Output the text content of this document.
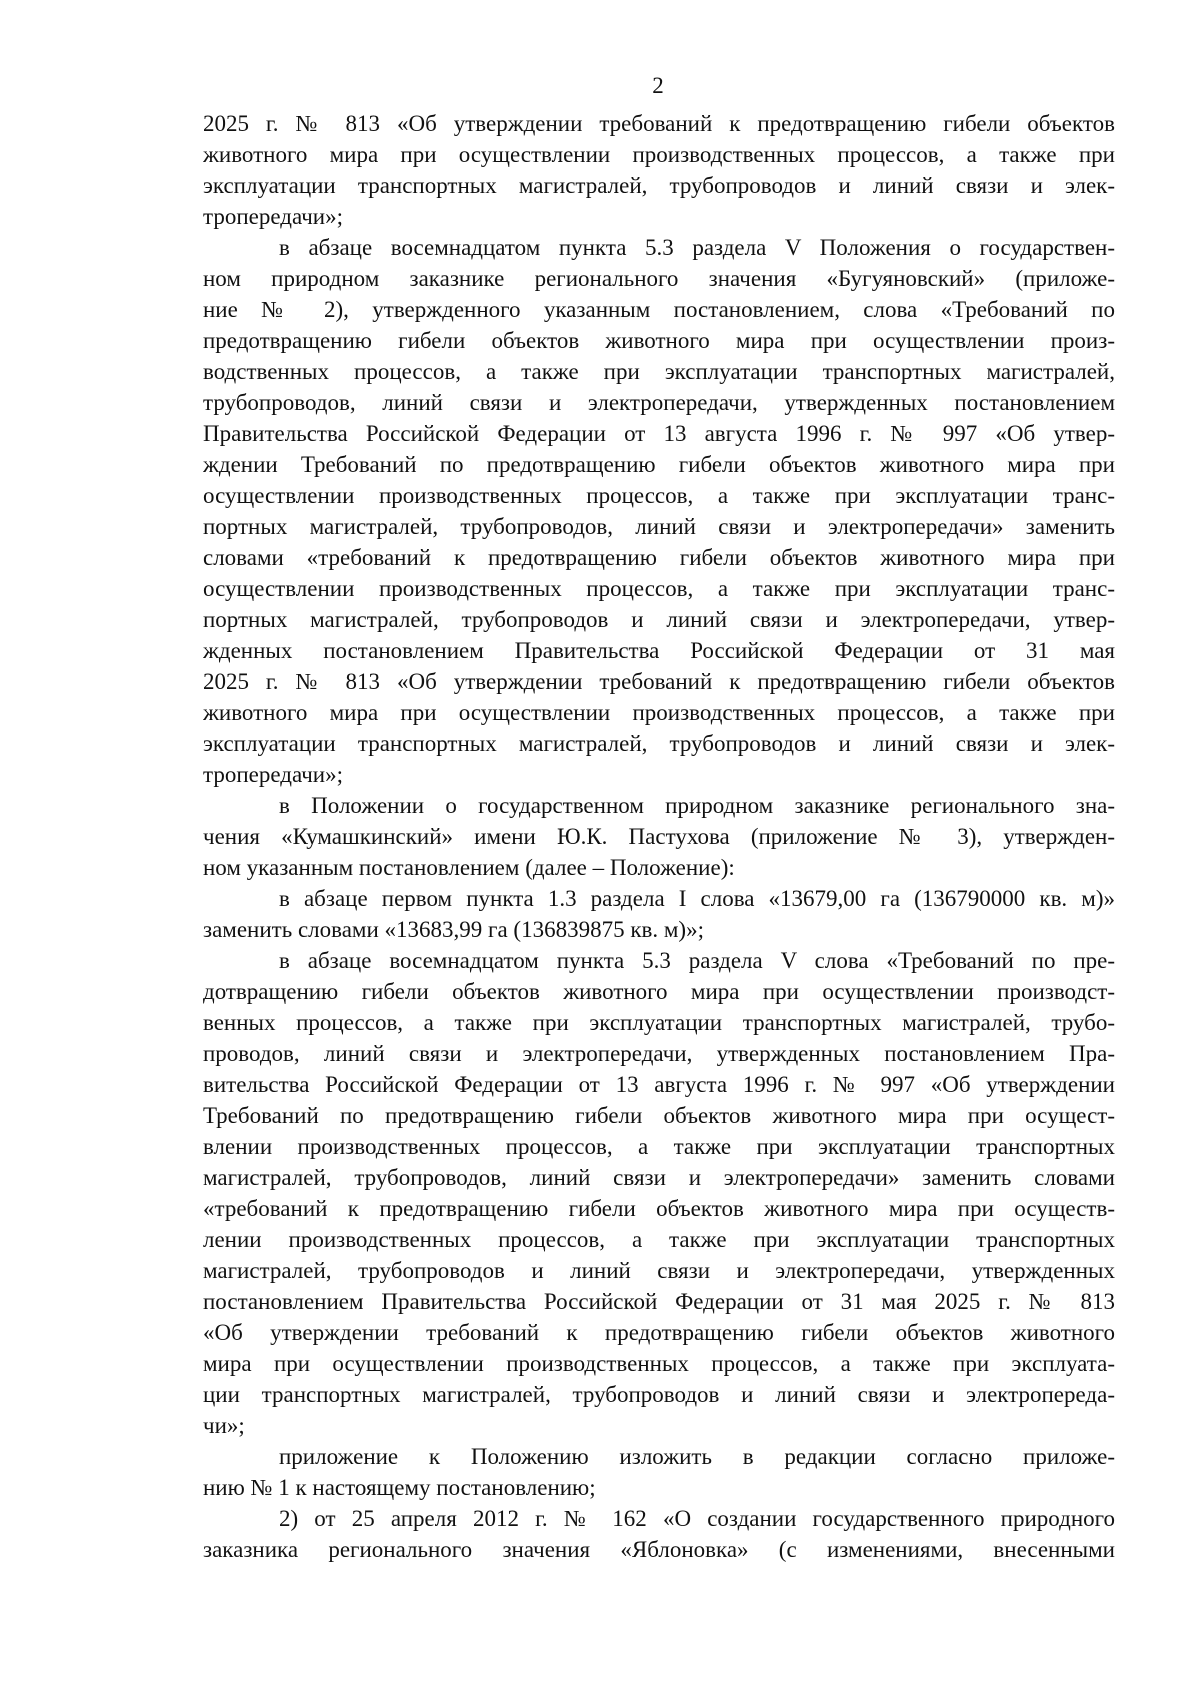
2
2025 г. № 813 «Об утверждении требований к предотвращению гибели объектов
животного мира при осуществлении производственных процессов, а также при
эксплуатации транспортных магистралей, трубопроводов и линий связи и элек-
тропередачи»;
в абзаце восемнадцатом пункта 5.3 раздела V Положения о государствен-
ном природном заказнике регионального значения «Бугуяновский» (приложе-
ние № 2), утвержденного указанным постановлением, слова «Требований по
предотвращению гибели объектов животного мира при осуществлении произ-
водственных процессов, а также при эксплуатации транспортных магистралей,
трубопроводов, линий связи и электропередачи, утвержденных постановлением
Правительства Российской Федерации от 13 августа 1996 г. № 997 «Об утвер-
ждении Требований по предотвращению гибели объектов животного мира при
осуществлении производственных процессов, а также при эксплуатации транс-
портных магистралей, трубопроводов, линий связи и электропередачи» заменить
словами «требований к предотвращению гибели объектов животного мира при
осуществлении производственных процессов, а также при эксплуатации транс-
портных магистралей, трубопроводов и линий связи и электропередачи, утвер-
жденных постановлением Правительства Российской Федерации от 31 мая
2025 г. № 813 «Об утверждении требований к предотвращению гибели объектов
животного мира при осуществлении производственных процессов, а также при
эксплуатации транспортных магистралей, трубопроводов и линий связи и элек-
тропередачи»;
в Положении о государственном природном заказнике регионального зна-
чения «Кумашкинский» имени Ю.К. Пастухова (приложение № 3), утвержден-
ном указанным постановлением (далее – Положение):
в абзаце первом пункта 1.3 раздела I слова «13679,00 га (136790000 кв. м)»
заменить словами «13683,99 га (136839875 кв. м)»;
в абзаце восемнадцатом пункта 5.3 раздела V слова «Требований по пре-
дотвращению гибели объектов животного мира при осуществлении производст-
венных процессов, а также при эксплуатации транспортных магистралей, трубо-
проводов, линий связи и электропередачи, утвержденных постановлением Пра-
вительства Российской Федерации от 13 августа 1996 г. № 997 «Об утверждении
Требований по предотвращению гибели объектов животного мира при осущест-
влении производственных процессов, а также при эксплуатации транспортных
магистралей, трубопроводов, линий связи и электропередачи» заменить словами
«требований к предотвращению гибели объектов животного мира при осуществ-
лении производственных процессов, а также при эксплуатации транспортных
магистралей, трубопроводов и линий связи и электропередачи, утвержденных
постановлением Правительства Российской Федерации от 31 мая 2025 г. № 813
«Об утверждении требований к предотвращению гибели объектов животного
мира при осуществлении производственных процессов, а также при эксплуата-
ции транспортных магистралей, трубопроводов и линий связи и электропереда-
чи»;
приложение к Положению изложить в редакции согласно приложе-
нию № 1 к настоящему постановлению;
2) от 25 апреля 2012 г. № 162 «О создании государственного природного
заказника регионального значения «Яблоновка» (с изменениями, внесенными
